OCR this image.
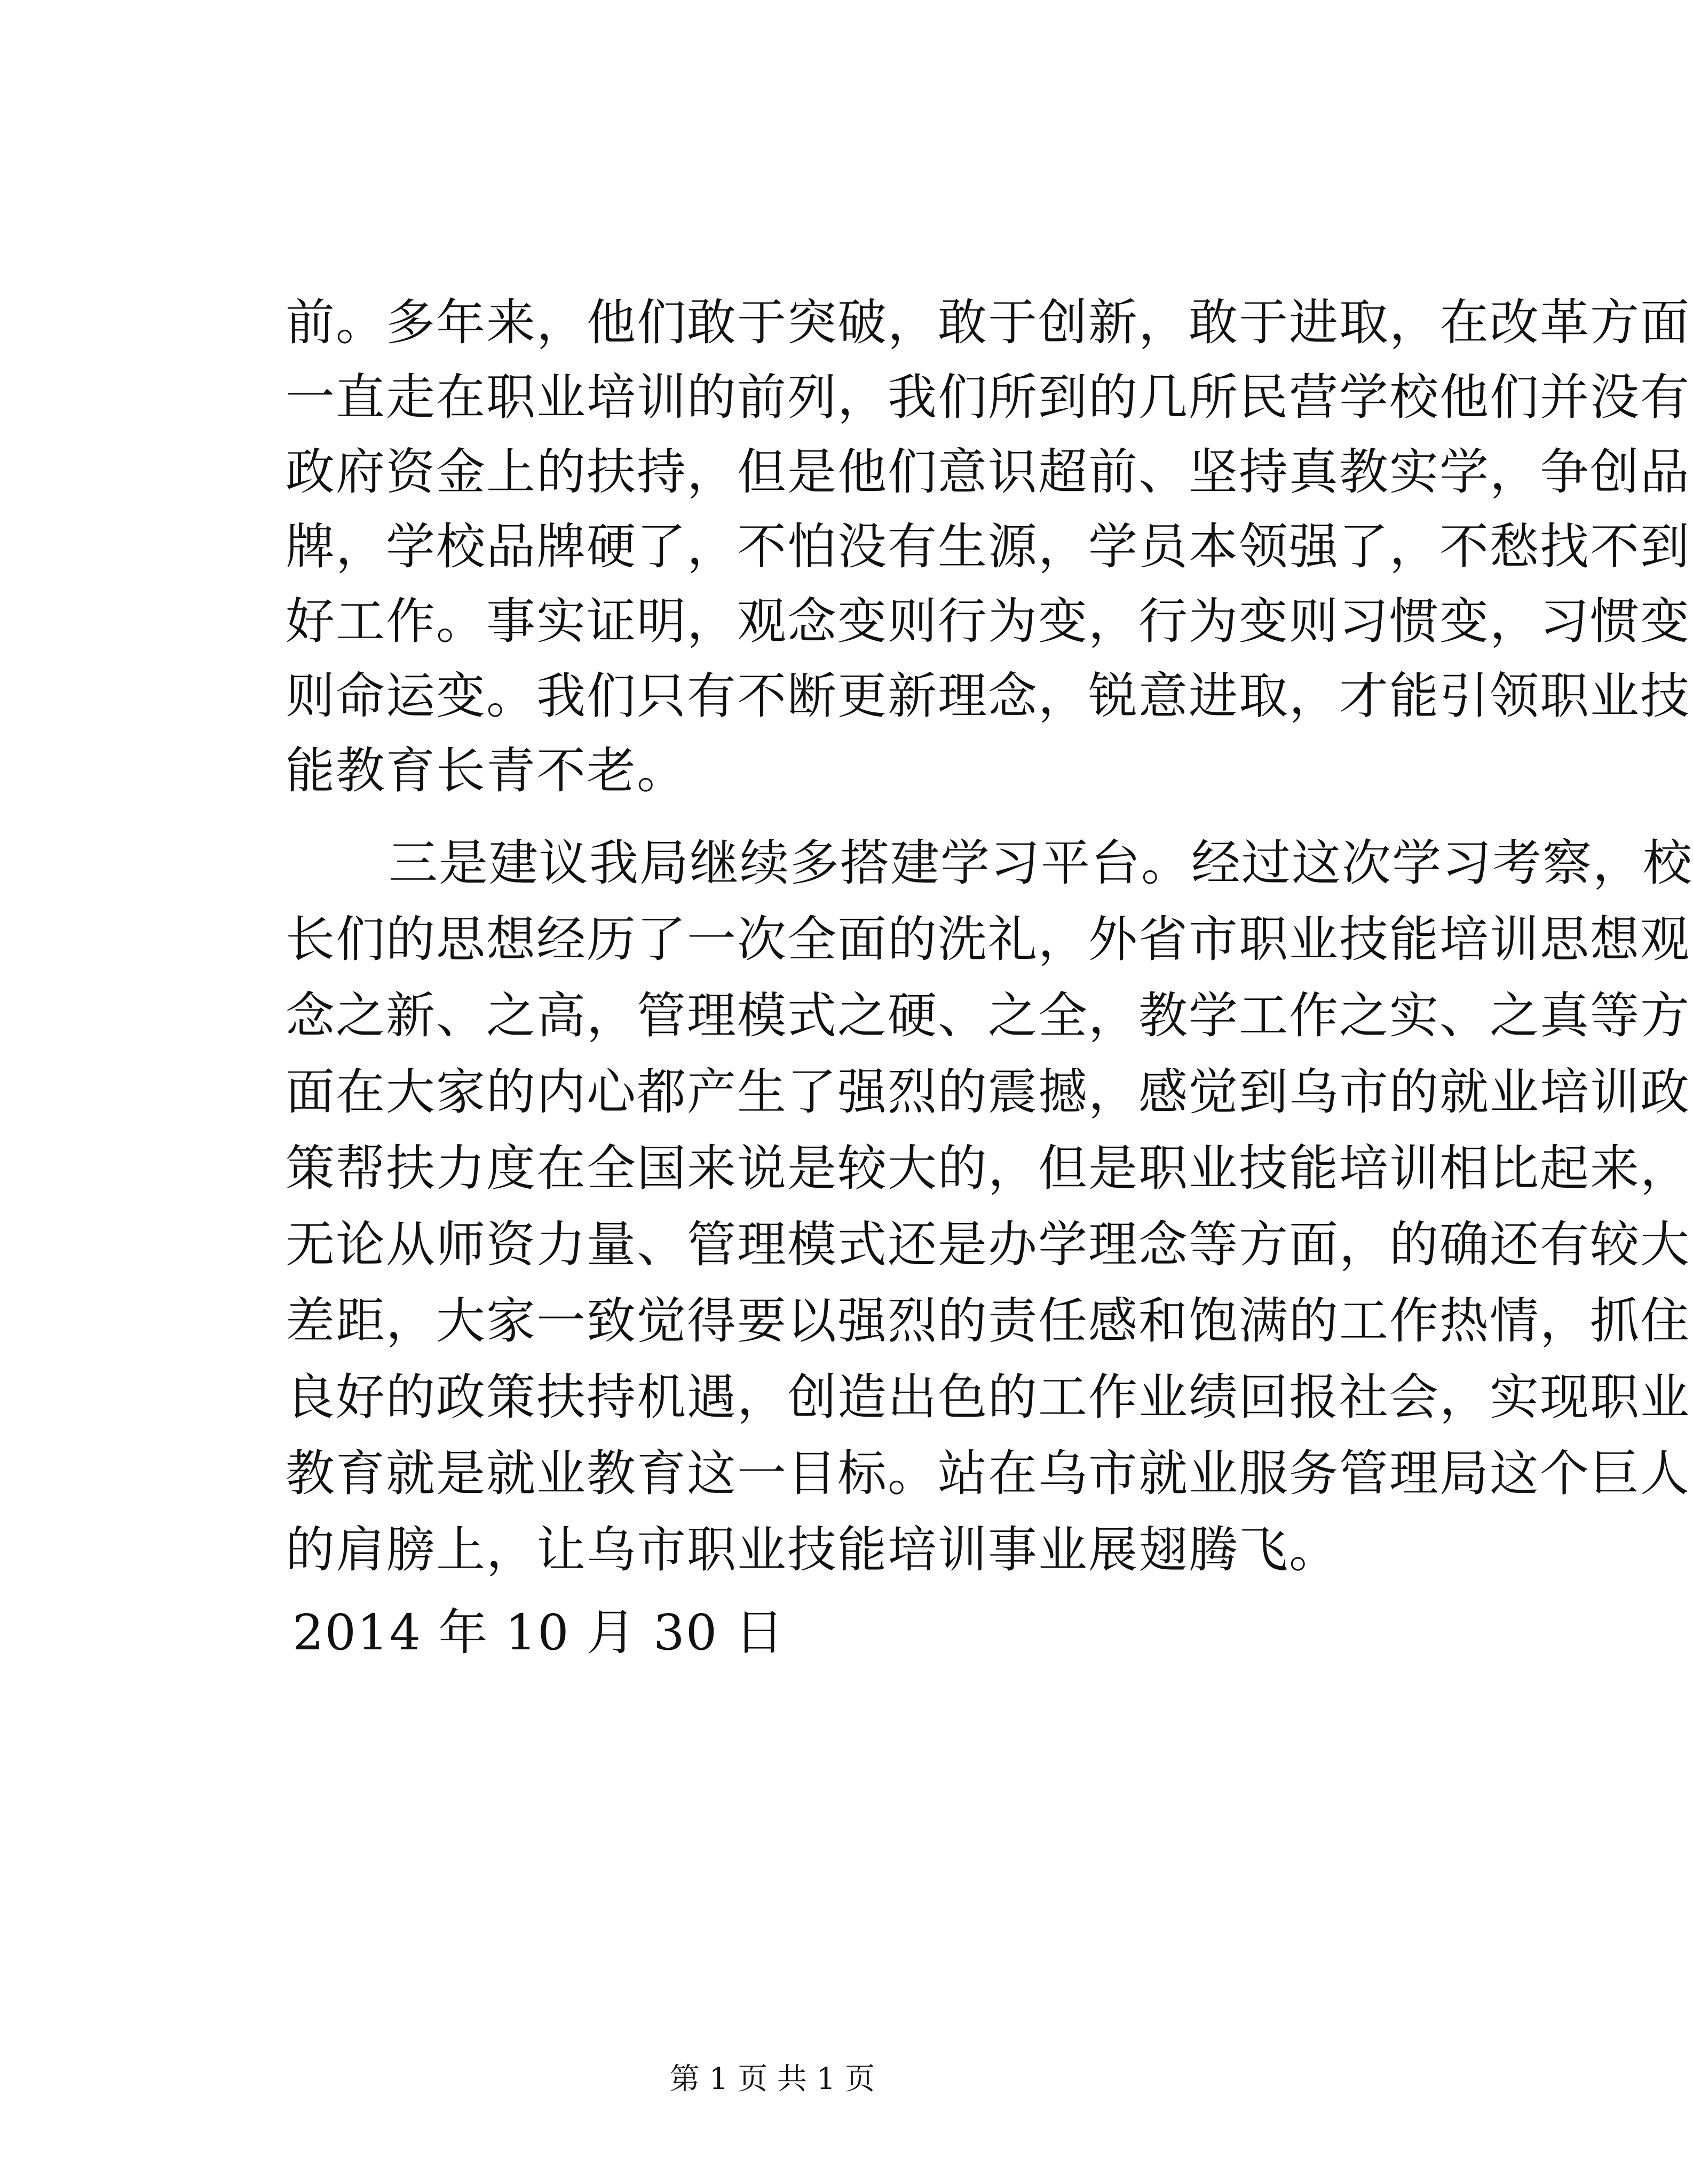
前。多年来，他们敢于突破，敢于创新，敢于进取，在改革方面
一直走在职业培训的前列，我们所到的几所民营学校他们并没有
政府资金上的扶持，但是他们意识超前、坚持真教实学，争创品
牌，学校品牌硬了，不怕没有生源，学员本领强了，不愁找不到
好工作。事实证明，观念变则行为变，行为变则习惯变，习惯变
则命运变。我们只有不断更新理念，锐意进取，才能引领职业技
能教育长青不老。
三是建议我局继续多搭建学习平台。经过这次学习考察，校
长们的思想经历了一次全面的洗礼，外省市职业技能培训思想观
念之新、之高，管理模式之硬、之全，教学工作之实、之真等方
面在大家的内心都产生了强烈的震撼，感觉到乌市的就业培训政
策帮扶力度在全国来说是较大的，但是职业技能培训相比起来，
无论从师资力量、管理模式还是办学理念等方面，的确还有较大
差距，大家一致觉得要以强烈的责任感和饱满的工作热情，抓住
良好的政策扶持机遇，创造出色的工作业绩回报社会，实现职业
教育就是就业教育这一目标。站在乌市就业服务管理局这个巨人
的肩膀上，让乌市职业技能培训事业展翅腾飞。
2014 年 10 月 30 日
第 1 页 共 1 页
